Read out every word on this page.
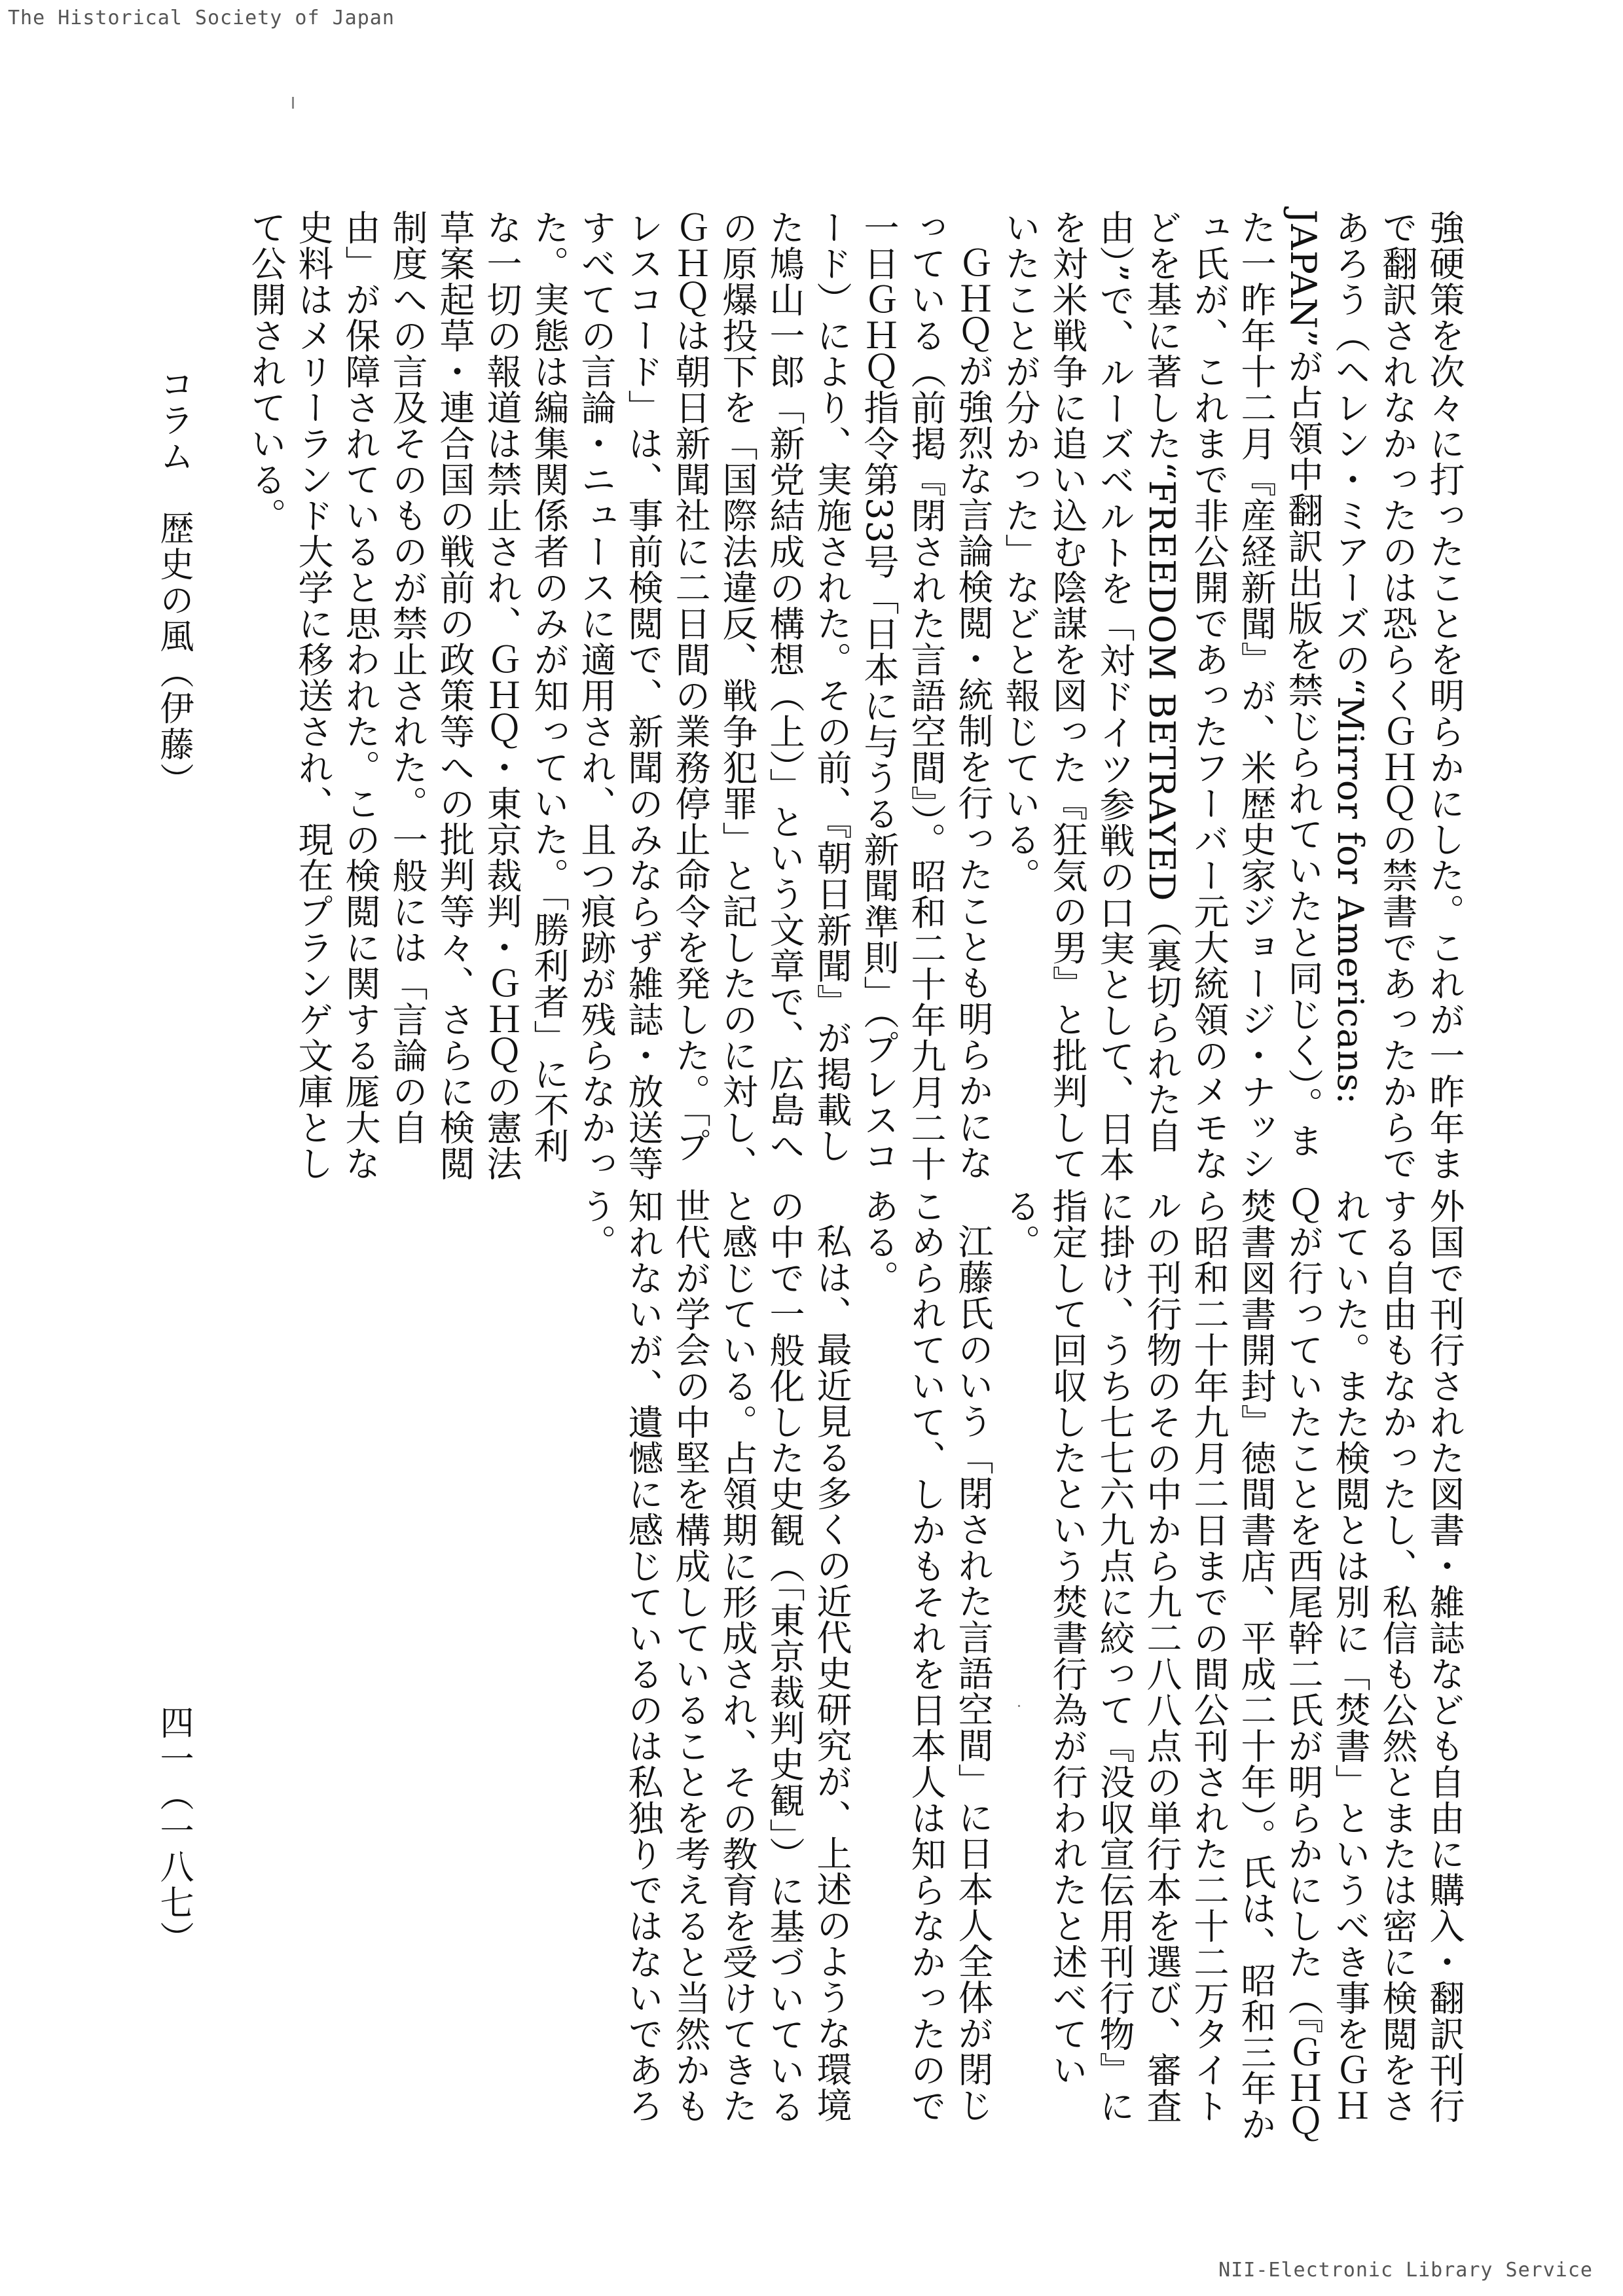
The Historical Society of Japan

強硬策を次々に打ったことを明らかにした。これが一昨年まで翻訳されなかったのは恐らくＧＨＱの禁書であったからであろう（ヘレン・ミアーズの“Mirror for Americans: JAPAN”が占領中翻訳出版を禁じられていたと同じく）。また一昨年十二月『産経新聞』が、米歴史家ジョージ・ナッシュ氏が、これまで非公開であったフーバー元大統領のメモなどを基に著した“FREEDOM BETRAYED（裏切られた自由）”で、ルーズベルトを「対ドイツ参戦の口実として、日本を対米戦争に追い込む陰謀を図った『狂気の男』と批判していたことが分かった」などと報じている。

ＧＨＱが強烈な言論検閲・統制を行ったことも明らかになっている（前掲『閉された言語空間』）。昭和二十年九月二十一日ＧＨＱ指令第33号「日本に与うる新聞準則」（プレスコード）により、実施された。その前、『朝日新聞』が掲載した鳩山一郎「新党結成の構想（上）」という文章で、広島への原爆投下を「国際法違反、戦争犯罪」と記したのに対し、ＧＨＱは朝日新聞社に二日間の業務停止命令を発した。「プレスコード」は、事前検閲で、新聞のみならず雑誌・放送等すべての言論・ニュースに適用され、且つ痕跡が残らなかった。実態は編集関係者のみが知っていた。「勝利者」に不利な一切の報道は禁止され、ＧＨＱ・東京裁判・ＧＨＱの憲法草案起草・連合国の戦前の政策等への批判等々、さらに検閲制度への言及そのものが禁止された。一般には「言論の自由」が保障されていると思われた。この検閲に関する厖大な史料はメリーランド大学に移送され、現在プランゲ文庫として公開されている。

外国で刊行された図書・雑誌なども自由に購入・翻訳刊行する自由もなかったし、私信も公然とまたは密に検閲をされていた。また検閲とは別に「焚書」というべき事をＧＨＱが行っていたことを西尾幹二氏が明らかにした（『ＧＨＱ焚書図書開封』徳間書店、平成二十年）。氏は、昭和三年から昭和二十年九月二日までの間公刊された二十二万タイトルの刊行物のその中から九二八八点の単行本を選び、審査に掛け、うち七七六九点に絞って『没収宣伝用刊行物』に指定して回収したという焚書行為が行われたと述べている。

江藤氏のいう「閉された言語空間」に日本人全体が閉じこめられていて、しかもそれを日本人は知らなかったのである。

私は、最近見る多くの近代史研究が、上述のような環境の中で一般化した史観（「東京裁判史観」）に基づいていると感じている。占領期に形成され、その教育を受けてきた世代が学会の中堅を構成していることを考えると当然かも知れないが、遺憾に感じているのは私独りではないであろう。

コラム　歴史の風（伊藤）
四一（一八七）
NII-Electronic Library Service
